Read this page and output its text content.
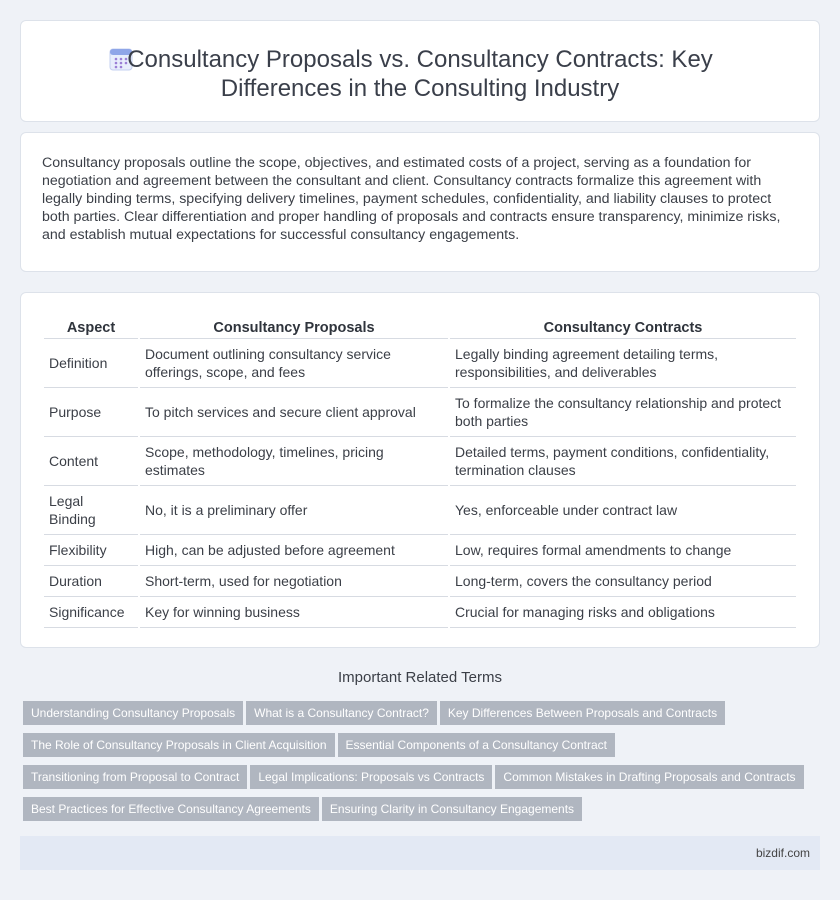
Consultancy Proposals vs. Consultancy Contracts: Key
Differences in the Consulting Industry

Consultancy proposals outline the scope, objectives, and estimated costs of a project, serving as a foundation for negotiation and agreement between the consultant and client. Consultancy contracts formalize this agreement with legally binding terms, specifying delivery timelines, payment schedules, confidentiality, and liability clauses to protect both parties. Clear differentiation and proper handling of proposals and contracts ensure transparency, minimize risks, and establish mutual expectations for successful consultancy engagements.

Aspect	Consultancy Proposals	Consultancy Contracts
Definition	Document outlining consultancy service offerings, scope, and fees	Legally binding agreement detailing terms, responsibilities, and deliverables
Purpose	To pitch services and secure client approval	To formalize the consultancy relationship and protect both parties
Content	Scope, methodology, timelines, pricing estimates	Detailed terms, payment conditions, confidentiality, termination clauses
Legal Binding	No, it is a preliminary offer	Yes, enforceable under contract law
Flexibility	High, can be adjusted before agreement	Low, requires formal amendments to change
Duration	Short-term, used for negotiation	Long-term, covers the consultancy period
Significance	Key for winning business	Crucial for managing risks and obligations
Important Related Terms
Understanding Consultancy Proposals What is a Consultancy Contract? Key Differences Between Proposals and Contracts
The Role of Consultancy Proposals in Client Acquisition Essential Components of a Consultancy Contract
Transitioning from Proposal to Contract Legal Implications: Proposals vs Contracts Common Mistakes in Drafting Proposals and Contracts
Best Practices for Effective Consultancy Agreements Ensuring Clarity in Consultancy Engagements
bizdif.com
